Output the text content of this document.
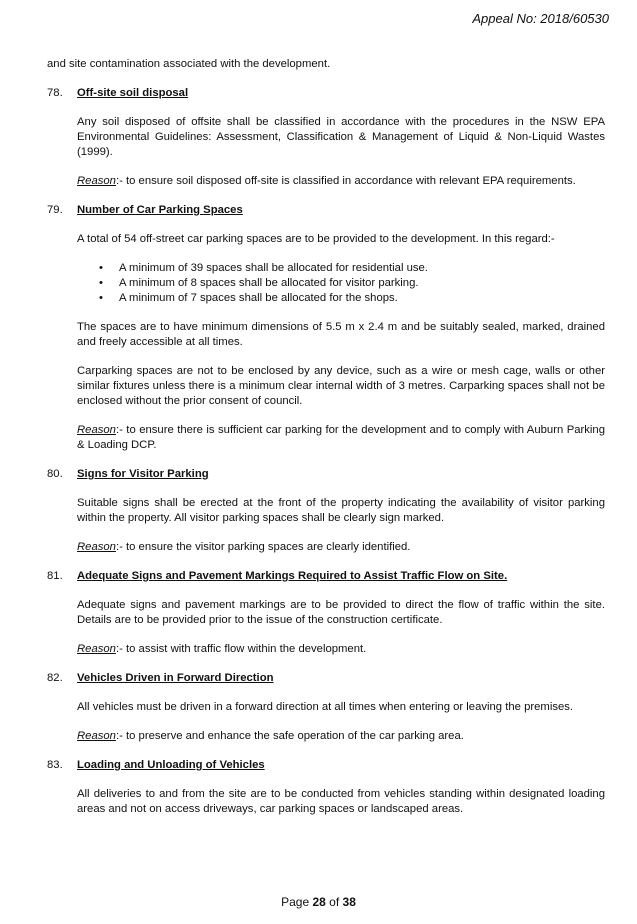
Appeal No: 2018/60530

and site contamination associated with the development.

78. Off-site soil disposal

Any soil disposed of offsite shall be classified in accordance with the procedures in the NSW EPA Environmental Guidelines: Assessment, Classification & Management of Liquid & Non-Liquid Wastes (1999).

Reason:- to ensure soil disposed off-site is classified in accordance with relevant EPA requirements.

79. Number of Car Parking Spaces

A total of 54 off-street car parking spaces are to be provided to the development. In this regard:-

• A minimum of 39 spaces shall be allocated for residential use.
• A minimum of 8 spaces shall be allocated for visitor parking.
• A minimum of 7 spaces shall be allocated for the shops.

The spaces are to have minimum dimensions of 5.5 m x 2.4 m and be suitably sealed, marked, drained and freely accessible at all times.

Carparking spaces are not to be enclosed by any device, such as a wire or mesh cage, walls or other similar fixtures unless there is a minimum clear internal width of 3 metres. Carparking spaces shall not be enclosed without the prior consent of council.

Reason:- to ensure there is sufficient car parking for the development and to comply with Auburn Parking & Loading DCP.

80. Signs for Visitor Parking

Suitable signs shall be erected at the front of the property indicating the availability of visitor parking within the property. All visitor parking spaces shall be clearly sign marked.

Reason:- to ensure the visitor parking spaces are clearly identified.

81. Adequate Signs and Pavement Markings Required to Assist Traffic Flow on Site.

Adequate signs and pavement markings are to be provided to direct the flow of traffic within the site. Details are to be provided prior to the issue of the construction certificate.

Reason:- to assist with traffic flow within the development.

82. Vehicles Driven in Forward Direction

All vehicles must be driven in a forward direction at all times when entering or leaving the premises.

Reason:- to preserve and enhance the safe operation of the car parking area.

83. Loading and Unloading of Vehicles

All deliveries to and from the site are to be conducted from vehicles standing within designated loading areas and not on access driveways, car parking spaces or landscaped areas.

Page 28 of 38
